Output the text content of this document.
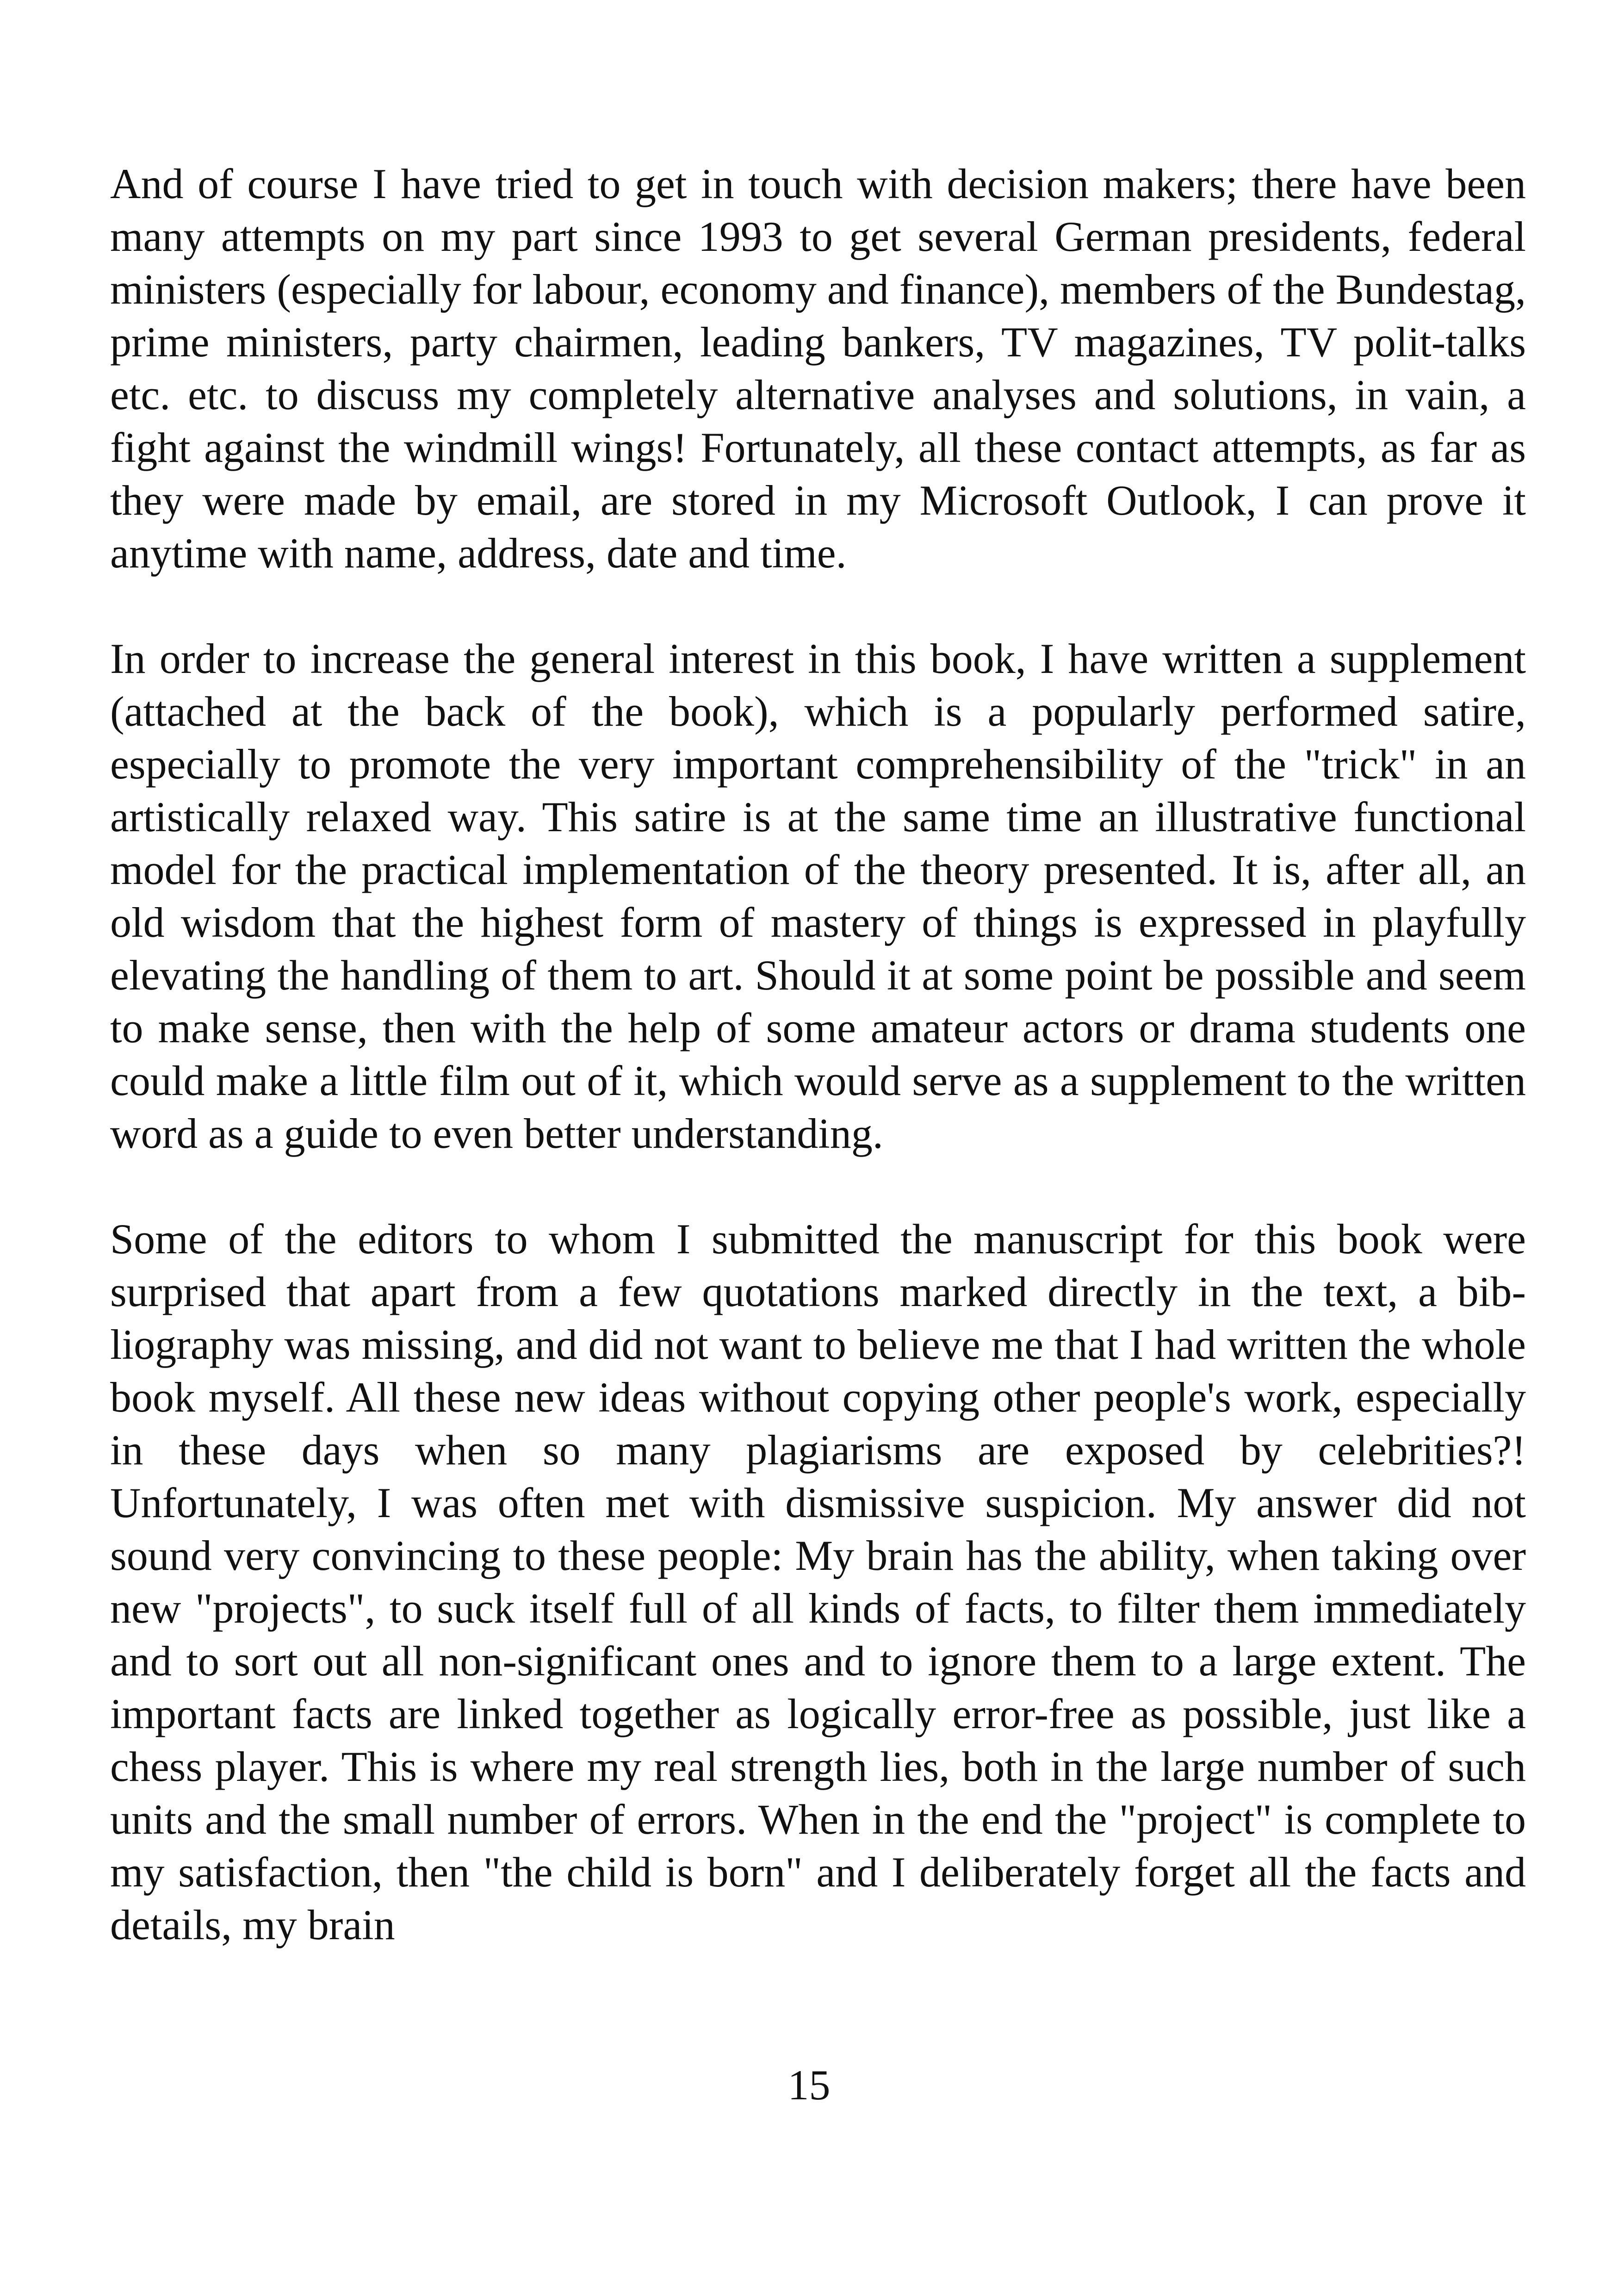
And of course I have tried to get in touch with decision makers; there have been many attempts on my part since 1993 to get several German presidents, federal ministers (especially for labour, economy and finance), members of the Bundestag, prime ministers, party chairmen, leading bankers, TV magazines, TV polit-talks etc. etc. to discuss my completely alternative analyses and solutions, in vain, a fight against the windmill wings! Fortunately, all these contact attempts, as far as they were made by email, are stored in my Microsoft Outlook, I can prove it anytime with name, address, date and time.

In order to increase the general interest in this book, I have written a supplement (attached at the back of the book), which is a popularly performed satire, especially to promote the very important comprehensibility of the "trick" in an artistically relaxed way. This satire is at the same time an illustrative functional model for the practical implementation of the theory presented. It is, after all, an old wisdom that the highest form of mastery of things is expressed in playfully elevating the handling of them to art. Should it at some point be possible and seem to make sense, then with the help of some amateur actors or drama students one could make a little film out of it, which would serve as a supplement to the written word as a guide to even better understanding.

Some of the editors to whom I submitted the manuscript for this book were surprised that apart from a few quotations marked directly in the text, a bibliography was missing, and did not want to believe me that I had written the whole book myself. All these new ideas without copying other people's work, especially in these days when so many plagiarisms are exposed by celebrities?! Unfortunately, I was often met with dismissive suspicion. My answer did not sound very convincing to these people: My brain has the ability, when taking over new "projects", to suck itself full of all kinds of facts, to filter them immediately and to sort out all non-significant ones and to ignore them to a large extent. The important facts are linked together as logically error-free as possible, just like a chess player. This is where my real strength lies, both in the large number of such units and the small number of errors. When in the end the "project" is complete to my satisfaction, then "the child is born" and I deliberately forget all the facts and details, my brain

15
